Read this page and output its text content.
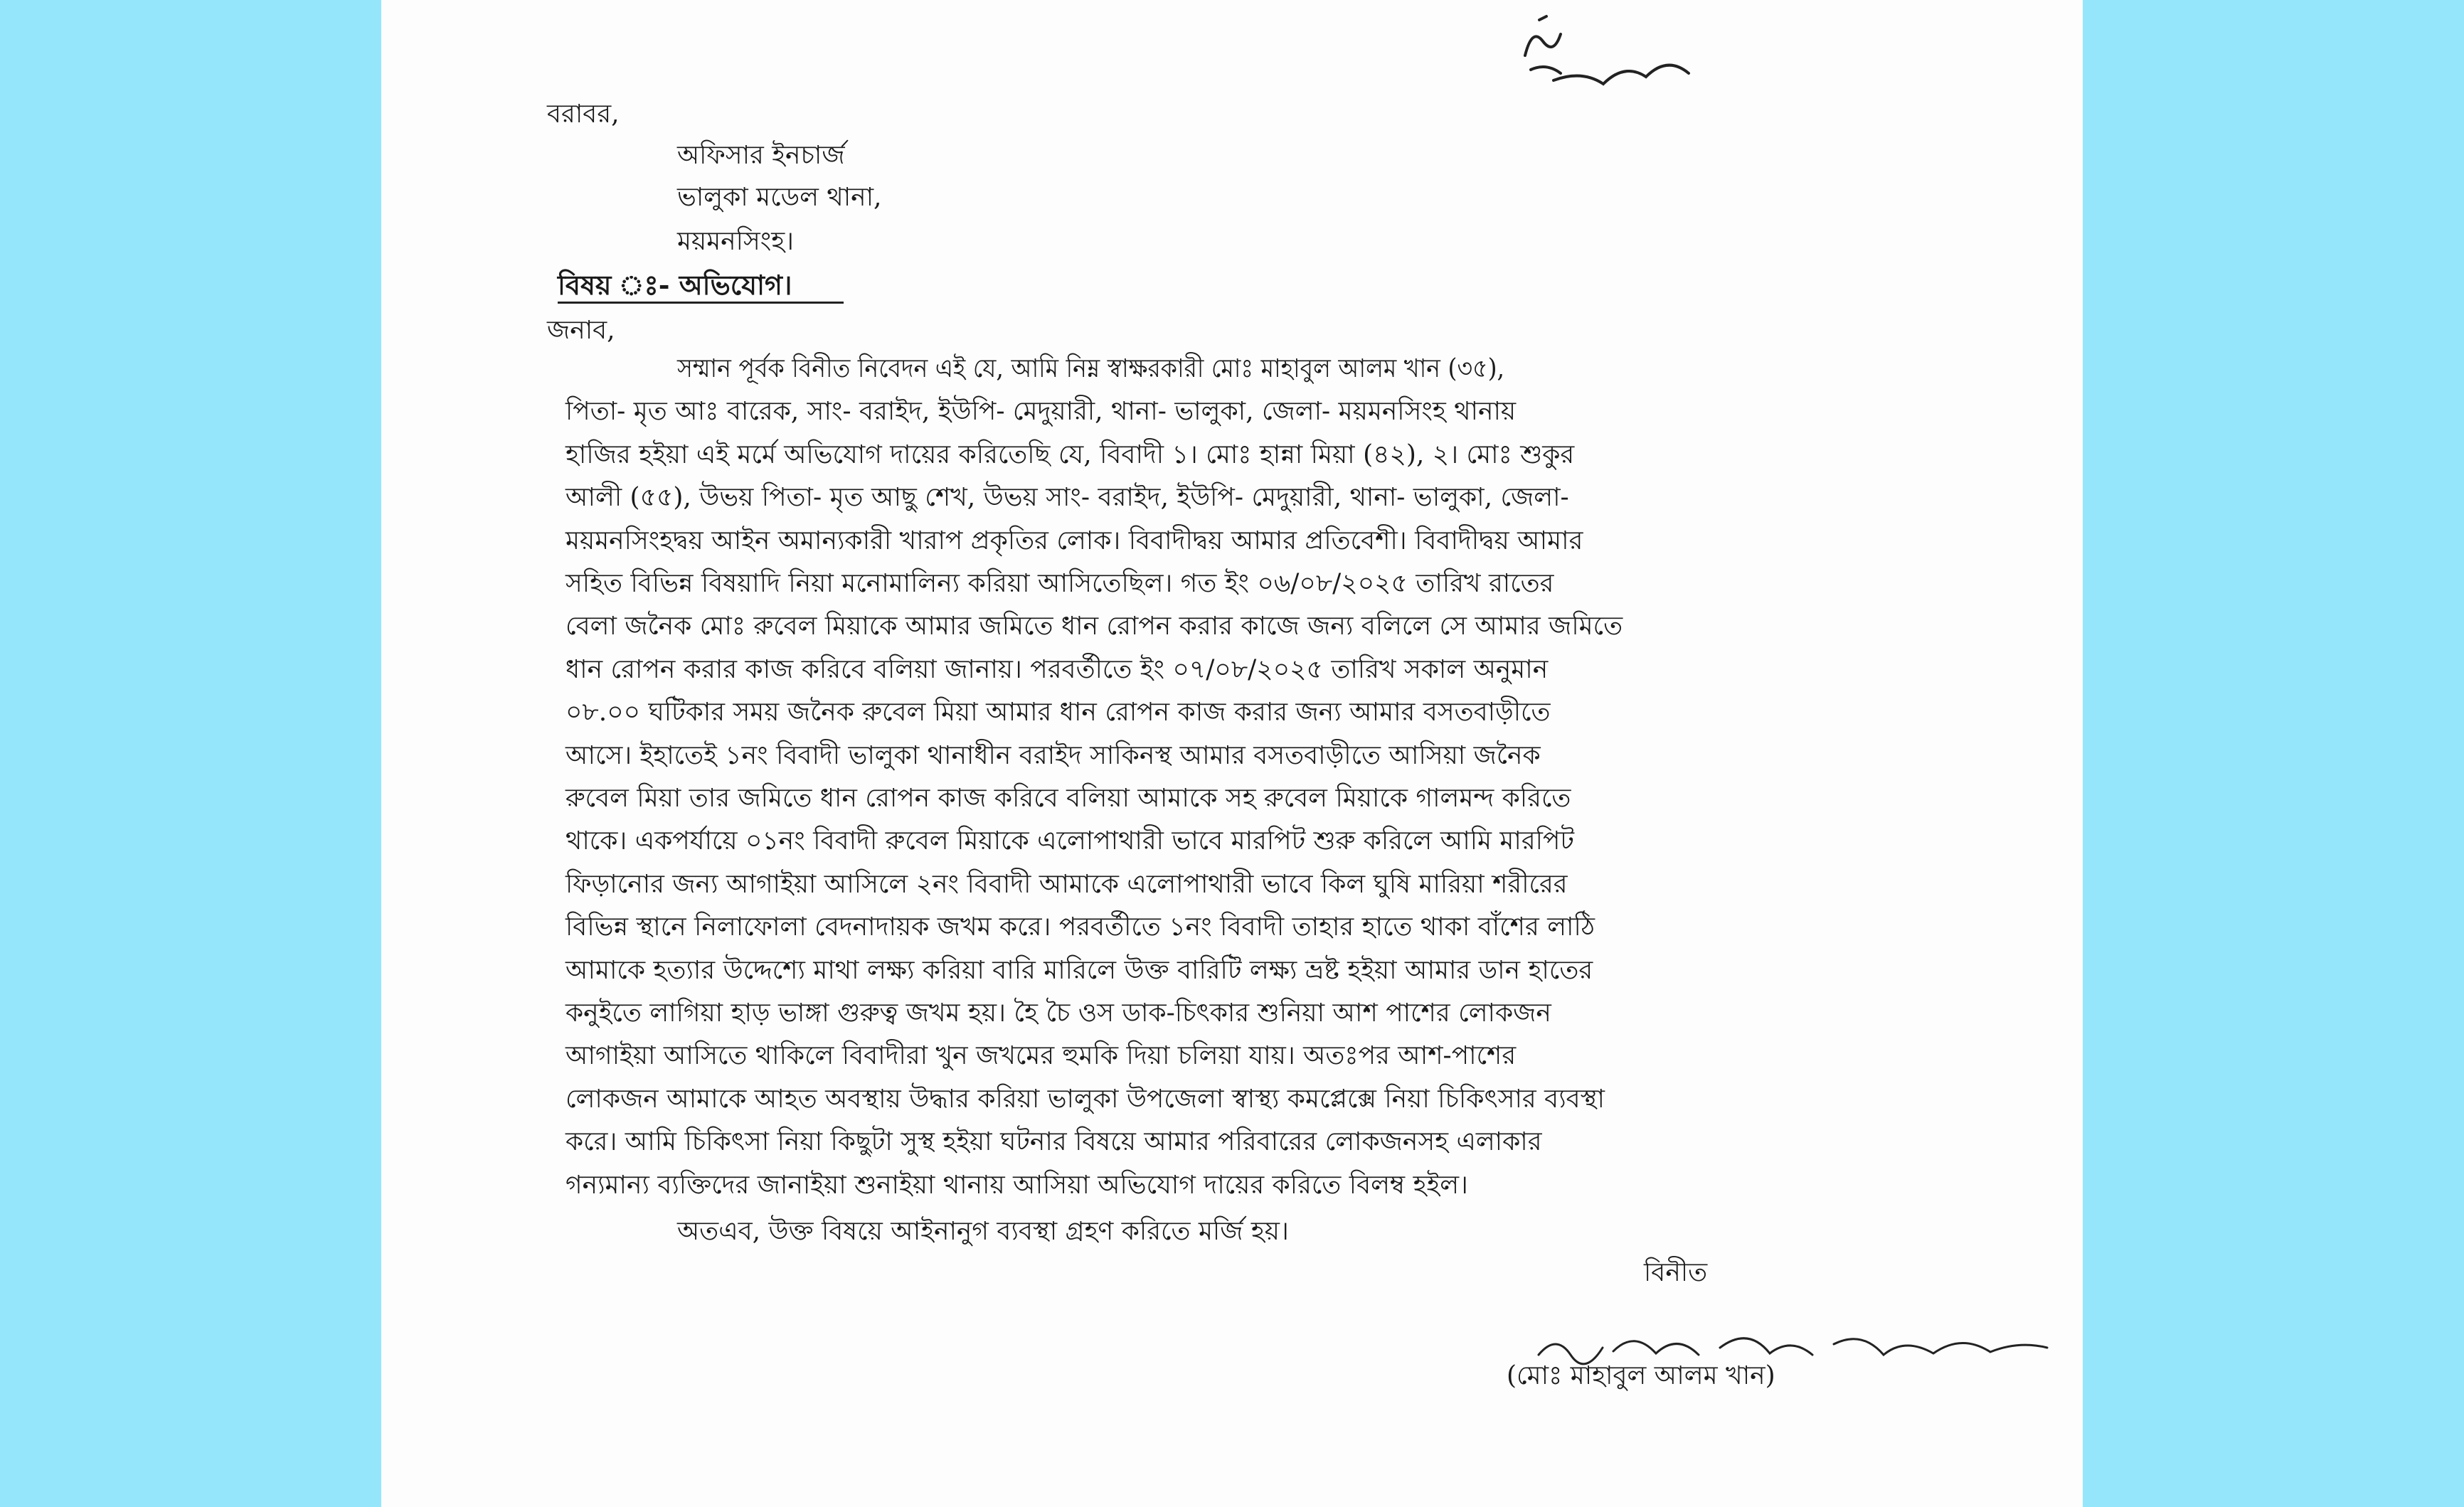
বরাবর,
অফিসার ইনচার্জ
ভালুকা মডেল থানা,
ময়মনসিংহ।
বিষয় ঃ- অভিযোগ।
জনাব,
সম্মান পূর্বক বিনীত নিবেদন এই যে, আমি নিম্ন স্বাক্ষরকারী মোঃ মাহাবুল আলম খান (৩৫),
পিতা- মৃত আঃ বারেক, সাং- বরাইদ, ইউপি- মেদুয়ারী, থানা- ভালুকা, জেলা- ময়মনসিংহ থানায়
হাজির হইয়া এই মর্মে অভিযোগ দায়ের করিতেছি যে, বিবাদী ১। মোঃ হান্না মিয়া (৪২), ২। মোঃ শুকুর
আলী (৫৫), উভয় পিতা- মৃত আছু শেখ, উভয় সাং- বরাইদ, ইউপি- মেদুয়ারী, থানা- ভালুকা, জেলা-
ময়মনসিংহদ্বয় আইন অমান্যকারী খারাপ প্রকৃতির লোক। বিবাদীদ্বয় আমার প্রতিবেশী। বিবাদীদ্বয় আমার
সহিত বিভিন্ন বিষয়াদি নিয়া মনোমালিন্য করিয়া আসিতেছিল। গত ইং ০৬/০৮/২০২৫ তারিখ রাতের
বেলা জনৈক মোঃ রুবেল মিয়াকে আমার জমিতে ধান রোপন করার কাজে জন্য বলিলে সে আমার জমিতে
ধান রোপন করার কাজ করিবে বলিয়া জানায়। পরবর্তীতে ইং ০৭/০৮/২০২৫ তারিখ সকাল অনুমান
০৮.০০ ঘটিকার সময় জনৈক রুবেল মিয়া আমার ধান রোপন কাজ করার জন্য আমার বসতবাড়ীতে
আসে। ইহাতেই ১নং বিবাদী ভালুকা থানাধীন বরাইদ সাকিনস্থ আমার বসতবাড়ীতে আসিয়া জনৈক
রুবেল মিয়া তার জমিতে ধান রোপন কাজ করিবে বলিয়া আমাকে সহ রুবেল মিয়াকে গালমন্দ করিতে
থাকে। একপর্যায়ে ০১নং বিবাদী রুবেল মিয়াকে এলোপাথারী ভাবে মারপিট শুরু করিলে আমি মারপিট
ফিড়ানোর জন্য আগাইয়া আসিলে ২নং বিবাদী আমাকে এলোপাথারী ভাবে কিল ঘুষি মারিয়া শরীরের
বিভিন্ন স্থানে নিলাফোলা বেদনাদায়ক জখম করে। পরবর্তীতে ১নং বিবাদী তাহার হাতে থাকা বাঁশের লাঠি
আমাকে হত্যার উদ্দেশ্যে মাথা লক্ষ্য করিয়া বারি মারিলে উক্ত বারিটি লক্ষ্য ভ্রষ্ট হইয়া আমার ডান হাতের
কনুইতে লাগিয়া হাড় ভাঙ্গা গুরুত্ব জখম হয়। হৈ চৈ ওস ডাক-চিৎকার শুনিয়া আশ পাশের লোকজন
আগাইয়া আসিতে থাকিলে বিবাদীরা খুন জখমের হুমকি দিয়া চলিয়া যায়। অতঃপর আশ-পাশের
লোকজন আমাকে আহত অবস্থায় উদ্ধার করিয়া ভালুকা উপজেলা স্বাস্থ্য কমপ্লেক্সে নিয়া চিকিৎসার ব্যবস্থা
করে। আমি চিকিৎসা নিয়া কিছুটা সুস্থ হইয়া ঘটনার বিষয়ে আমার পরিবারের লোকজনসহ এলাকার
গন্যমান্য ব্যক্তিদের জানাইয়া শুনাইয়া থানায় আসিয়া অভিযোগ দায়ের করিতে বিলম্ব হইল।
অতএব, উক্ত বিষয়ে আইনানুগ ব্যবস্থা গ্রহণ করিতে মর্জি হয়।
বিনীত
(মোঃ মাহাবুল আলম খান)
